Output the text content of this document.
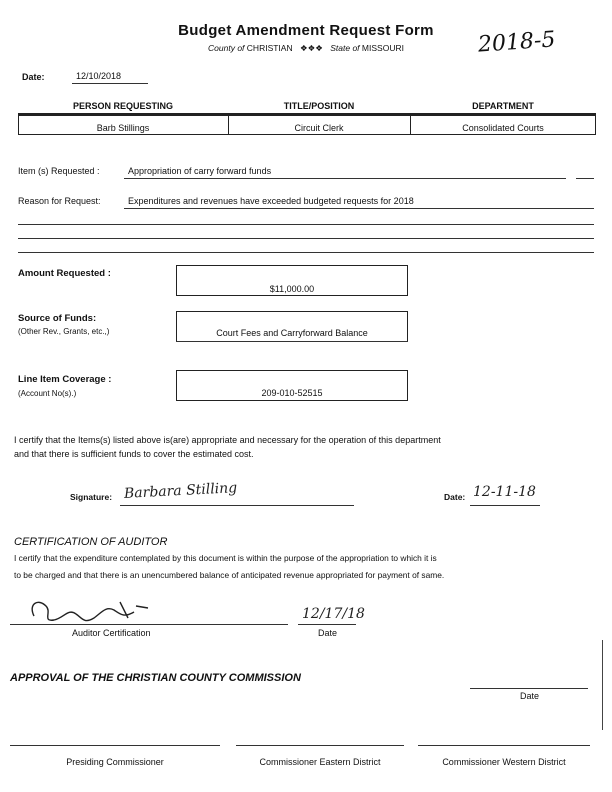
Budget Amendment Request Form
County of CHRISTIAN ❖❖❖ State of MISSOURI	2018-5
Date:	12/10/2018
PERSON REQUESTING	TITLE/POSITION	DEPARTMENT
Barb Stillings	Circuit Clerk	Consolidated Courts
Item (s) Requested :	Appropriation of carry forward funds
Reason for Request:	Expenditures and revenues have exceeded budgeted requests for 2018
Amount Requested :
$11,000.00
Source of Funds:
(Other Rev., Grants, etc.,)	Court Fees and Carryforward Balance
Line Item Coverage :
(Account No(s).)	209-010-52515
I certify that the Items(s) listed above is(are) appropriate and necessary for the operation of this department
and that there is sufficient funds to cover the estimated cost.
Signature: Barbara Stilling	Date: 12-11-18
CERTIFICATION OF AUDITOR
I certify that the expenditure contemplated by this document is within the purpose of the appropriation to which it is
to be charged and that there is an unencumbered balance of anticipated revenue appropriated for payment of same.
Auditor Certification
12/17/18
Date
APPROVAL OF THE CHRISTIAN COUNTY COMMISSION
Date
Presiding Commissioner	Commissioner Eastern District	Commissioner Western District
